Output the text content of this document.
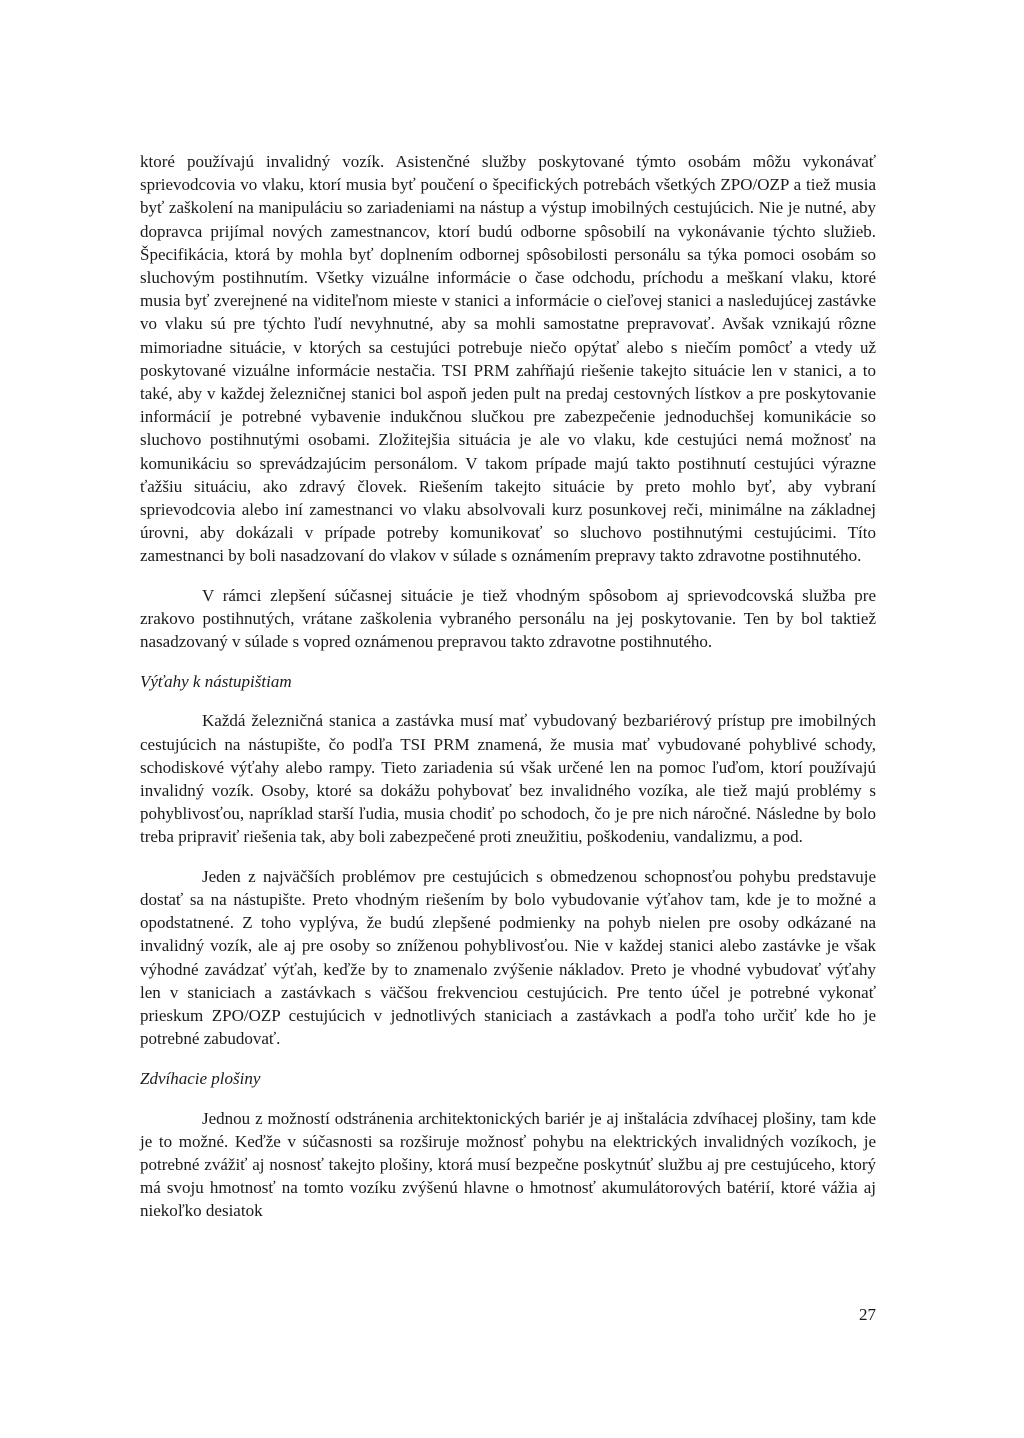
ktoré používajú invalidný vozík. Asistenčné služby poskytované týmto osobám môžu vykonávať sprievodcovia vo vlaku, ktorí musia byť poučení o špecifických potrebách všetkých ZPO/OZP a tiež musia byť zaškolení na manipuláciu so zariadeniami na nástup a výstup imobilných cestujúcich. Nie je nutné, aby dopravca prijímal nových zamestnancov, ktorí budú odborne spôsobilí na vykonávanie týchto služieb. Špecifikácia, ktorá by mohla byť doplnením odbornej spôsobilosti personálu sa týka pomoci osobám so sluchovým postihnutím. Všetky vizuálne informácie o čase odchodu, príchodu a meškaní vlaku, ktoré musia byť zverejnené na viditeľnom mieste v stanici a informácie o cieľovej stanici a nasledujúcej zastávke vo vlaku sú pre týchto ľudí nevyhnutné, aby sa mohli samostatne prepravovať. Avšak vznikajú rôzne mimoriadne situácie, v ktorých sa cestujúci potrebuje niečo opýtať alebo s niečím pomôcť a vtedy už poskytované vizuálne informácie nestačia. TSI PRM zahŕňajú riešenie takejto situácie len v stanici, a to také, aby v každej železničnej stanici bol aspoň jeden pult na predaj cestovných lístkov a pre poskytovanie informácií je potrebné vybavenie indukčnou slučkou pre zabezpečenie jednoduchšej komunikácie so sluchovo postihnutými osobami. Zložitejšia situácia je ale vo vlaku, kde cestujúci nemá možnosť na komunikáciu so sprevádzajúcim personálom. V takom prípade majú takto postihnutí cestujúci výrazne ťažšiu situáciu, ako zdravý človek. Riešením takejto situácie by preto mohlo byť, aby vybraní sprievodcovia alebo iní zamestnanci vo vlaku absolvovali kurz posunkovej reči, minimálne na základnej úrovni, aby dokázali v prípade potreby komunikovať so sluchovo postihnutými cestujúcimi. Títo zamestnanci by boli nasadzovaní do vlakov v súlade s oznámením prepravy takto zdravotne postihnutého.

V rámci zlepšení súčasnej situácie je tiež vhodným spôsobom aj sprievodcovská služba pre zrakovo postihnutých, vrátane zaškolenia vybraného personálu na jej poskytovanie. Ten by bol taktiež nasadzovaný v súlade s vopred oznámenou prepravou takto zdravotne postihnutého.

Výťahy k nástupištiam

Každá železničná stanica a zastávka musí mať vybudovaný bezbariérový prístup pre imobilných cestujúcich na nástupište, čo podľa TSI PRM znamená, že musia mať vybudované pohyblivé schody, schodiskové výťahy alebo rampy. Tieto zariadenia sú však určené len na pomoc ľuďom, ktorí používajú invalidný vozík. Osoby, ktoré sa dokážu pohybovať bez invalidného vozíka, ale tiež majú problémy s pohyblivosťou, napríklad starší ľudia, musia chodiť po schodoch, čo je pre nich náročné. Následne by bolo treba pripraviť riešenia tak, aby boli zabezpečené proti zneužitiu, poškodeniu, vandalizmu, a pod.

Jeden z najväčších problémov pre cestujúcich s obmedzenou schopnosťou pohybu predstavuje dostať sa na nástupište. Preto vhodným riešením by bolo vybudovanie výťahov tam, kde je to možné a opodstatnené. Z toho vyplýva, že budú zlepšené podmienky na pohyb nielen pre osoby odkázané na invalidný vozík, ale aj pre osoby so zníženou pohyblivosťou. Nie v každej stanici alebo zastávke je však výhodné zavádzať výťah, keďže by to znamenalo zvýšenie nákladov. Preto je vhodné vybudovať výťahy len v staniciach a zastávkach s väčšou frekvenciou cestujúcich. Pre tento účel je potrebné vykonať prieskum ZPO/OZP cestujúcich v jednotlivých staniciach a zastávkach a podľa toho určiť kde ho je potrebné zabudovať.

Zdvíhacie plošiny

Jednou z možností odstránenia architektonických bariér je aj inštalácia zdvíhacej plošiny, tam kde je to možné. Keďže v súčasnosti sa rozširuje možnosť pohybu na elektrických invalidných vozíkoch, je potrebné zvážiť aj nosnosť takejto plošiny, ktorá musí bezpečne poskytnúť službu aj pre cestujúceho, ktorý má svoju hmotnosť na tomto vozíku zvýšenú hlavne o hmotnosť akumulátorových batérií, ktoré vážia aj niekoľko desiatok

27
